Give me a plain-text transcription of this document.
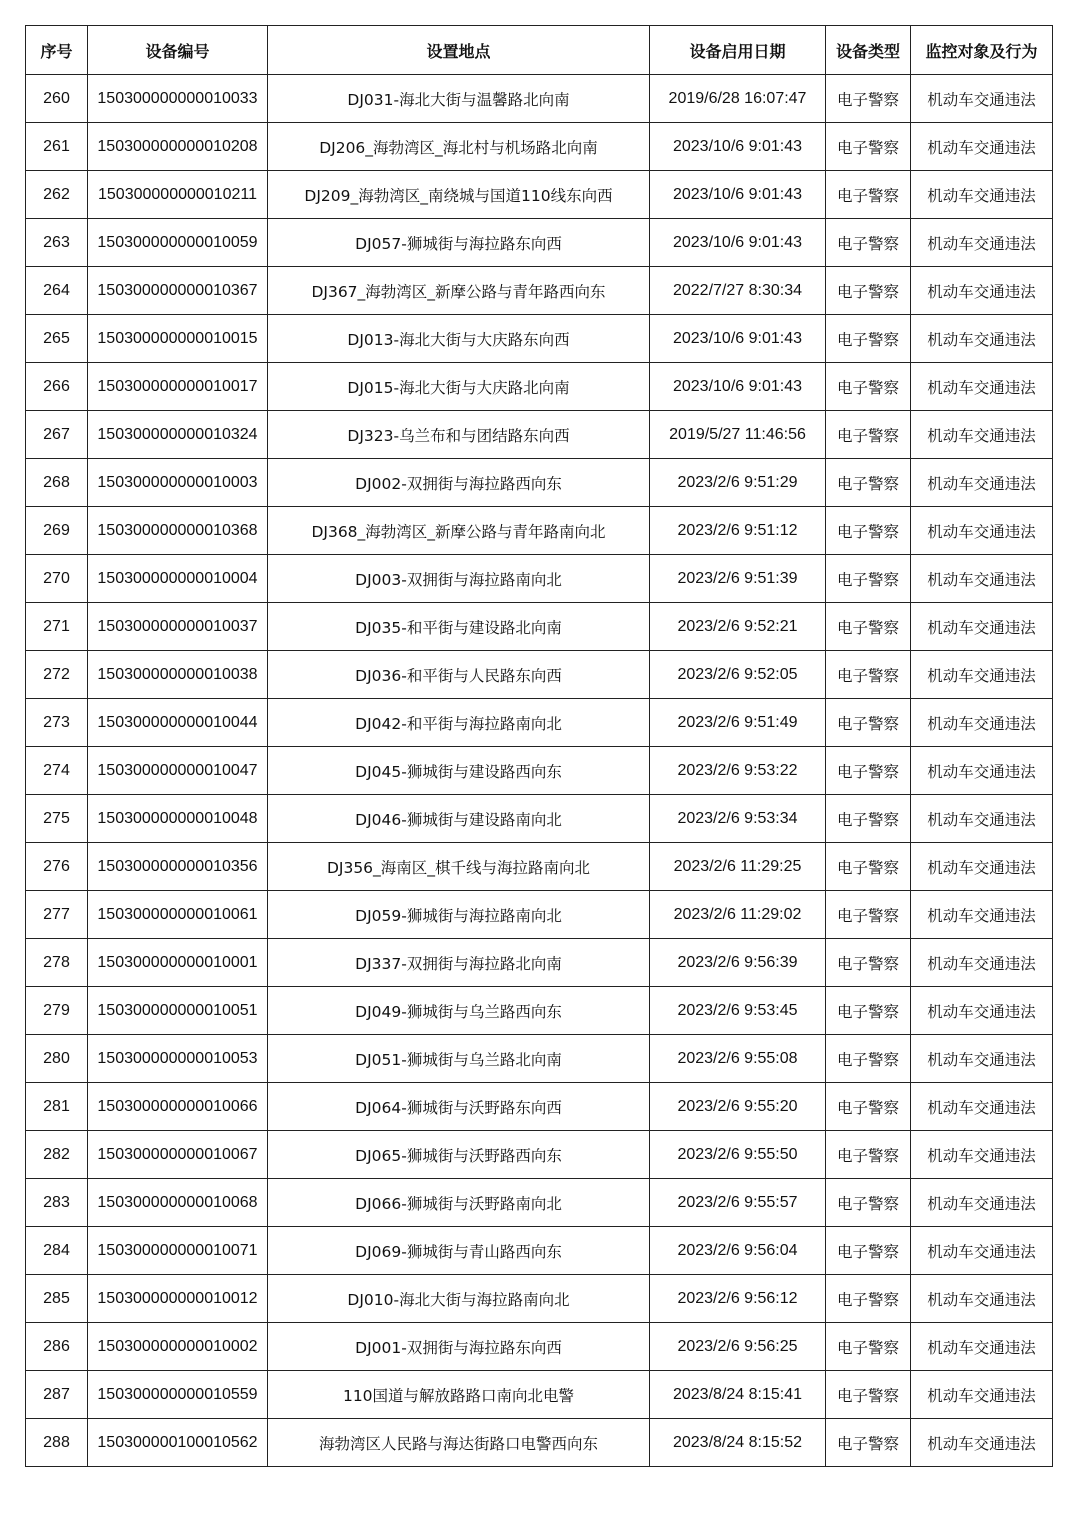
序号	设备编号	设置地点	设备启用日期	设备类型	监控对象及行为
260	150300000000010033	DJ031-海北大街与温馨路北向南	2019/6/28 16:07:47	电子警察	机动车交通违法
261	150300000000010208	DJ206_海勃湾区_海北村与机场路北向南	2023/10/6 9:01:43	电子警察	机动车交通违法
262	150300000000010211	DJ209_海勃湾区_南绕城与国道110线东向西	2023/10/6 9:01:43	电子警察	机动车交通违法
263	150300000000010059	DJ057-狮城街与海拉路东向西	2023/10/6 9:01:43	电子警察	机动车交通违法
264	150300000000010367	DJ367_海勃湾区_新摩公路与青年路西向东	2022/7/27 8:30:34	电子警察	机动车交通违法
265	150300000000010015	DJ013-海北大街与大庆路东向西	2023/10/6 9:01:43	电子警察	机动车交通违法
266	150300000000010017	DJ015-海北大街与大庆路北向南	2023/10/6 9:01:43	电子警察	机动车交通违法
267	150300000000010324	DJ323-乌兰布和与团结路东向西	2019/5/27 11:46:56	电子警察	机动车交通违法
268	150300000000010003	DJ002-双拥街与海拉路西向东	2023/2/6 9:51:29	电子警察	机动车交通违法
269	150300000000010368	DJ368_海勃湾区_新摩公路与青年路南向北	2023/2/6 9:51:12	电子警察	机动车交通违法
270	150300000000010004	DJ003-双拥街与海拉路南向北	2023/2/6 9:51:39	电子警察	机动车交通违法
271	150300000000010037	DJ035-和平街与建设路北向南	2023/2/6 9:52:21	电子警察	机动车交通违法
272	150300000000010038	DJ036-和平街与人民路东向西	2023/2/6 9:52:05	电子警察	机动车交通违法
273	150300000000010044	DJ042-和平街与海拉路南向北	2023/2/6 9:51:49	电子警察	机动车交通违法
274	150300000000010047	DJ045-狮城街与建设路西向东	2023/2/6 9:53:22	电子警察	机动车交通违法
275	150300000000010048	DJ046-狮城街与建设路南向北	2023/2/6 9:53:34	电子警察	机动车交通违法
276	150300000000010356	DJ356_海南区_棋千线与海拉路南向北	2023/2/6 11:29:25	电子警察	机动车交通违法
277	150300000000010061	DJ059-狮城街与海拉路南向北	2023/2/6 11:29:02	电子警察	机动车交通违法
278	150300000000010001	DJ337-双拥街与海拉路北向南	2023/2/6 9:56:39	电子警察	机动车交通违法
279	150300000000010051	DJ049-狮城街与乌兰路西向东	2023/2/6 9:53:45	电子警察	机动车交通违法
280	150300000000010053	DJ051-狮城街与乌兰路北向南	2023/2/6 9:55:08	电子警察	机动车交通违法
281	150300000000010066	DJ064-狮城街与沃野路东向西	2023/2/6 9:55:20	电子警察	机动车交通违法
282	150300000000010067	DJ065-狮城街与沃野路西向东	2023/2/6 9:55:50	电子警察	机动车交通违法
283	150300000000010068	DJ066-狮城街与沃野路南向北	2023/2/6 9:55:57	电子警察	机动车交通违法
284	150300000000010071	DJ069-狮城街与青山路西向东	2023/2/6 9:56:04	电子警察	机动车交通违法
285	150300000000010012	DJ010-海北大街与海拉路南向北	2023/2/6 9:56:12	电子警察	机动车交通违法
286	150300000000010002	DJ001-双拥街与海拉路东向西	2023/2/6 9:56:25	电子警察	机动车交通违法
287	150300000000010559	110国道与解放路路口南向北电警	2023/8/24 8:15:41	电子警察	机动车交通违法
288	150300000100010562	海勃湾区人民路与海达街路口电警西向东	2023/8/24 8:15:52	电子警察	机动车交通违法
